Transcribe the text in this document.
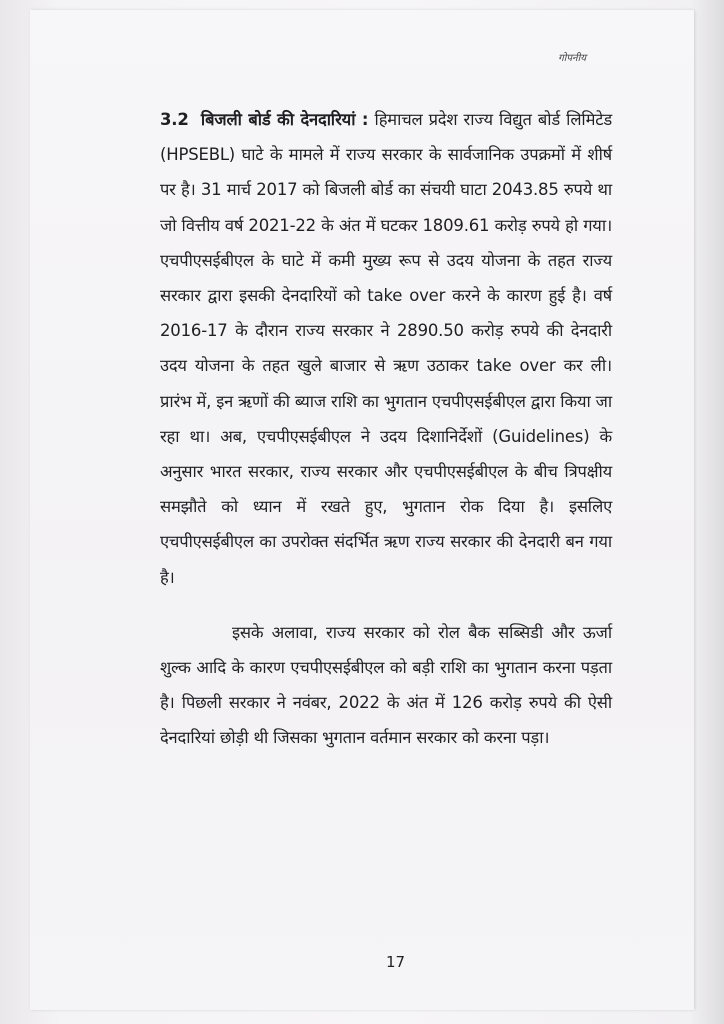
गोपनीय

3.2 बिजली बोर्ड की देनदारियां : हिमाचल प्रदेश राज्य विद्युत बोर्ड लिमिटेड (HPSEBL) घाटे के मामले में राज्य सरकार के सार्वजानिक उपक्रमों में शीर्ष पर है। 31 मार्च 2017 को बिजली बोर्ड का संचयी घाटा 2043.85 रुपये था जो वित्तीय वर्ष 2021-22 के अंत में घटकर 1809.61 करोड़ रुपये हो गया। एचपीएसईबीएल के घाटे में कमी मुख्य रूप से उदय योजना के तहत राज्य सरकार द्वारा इसकी देनदारियों को take over करने के कारण हुई है। वर्ष 2016-17 के दौरान राज्य सरकार ने 2890.50 करोड़ रुपये की देनदारी उदय योजना के तहत खुले बाजार से ऋण उठाकर take over कर ली। प्रारंभ में, इन ऋणों की ब्याज राशि का भुगतान एचपीएसईबीएल द्वारा किया जा रहा था। अब, एचपीएसईबीएल ने उदय दिशानिर्देशों (Guidelines) के अनुसार भारत सरकार, राज्य सरकार और एचपीएसईबीएल के बीच त्रिपक्षीय समझौते को ध्यान में रखते हुए, भुगतान रोक दिया है। इसलिए एचपीएसईबीएल का उपरोक्त संदर्भित ऋण राज्य सरकार की देनदारी बन गया है।

इसके अलावा, राज्य सरकार को रोल बैक सब्सिडी और ऊर्जा शुल्क आदि के कारण एचपीएसईबीएल को बड़ी राशि का भुगतान करना पड़ता है। पिछली सरकार ने नवंबर, 2022 के अंत में 126 करोड़ रुपये की ऐसी देनदारियां छोड़ी थी जिसका भुगतान वर्तमान सरकार को करना पड़ा।

17
